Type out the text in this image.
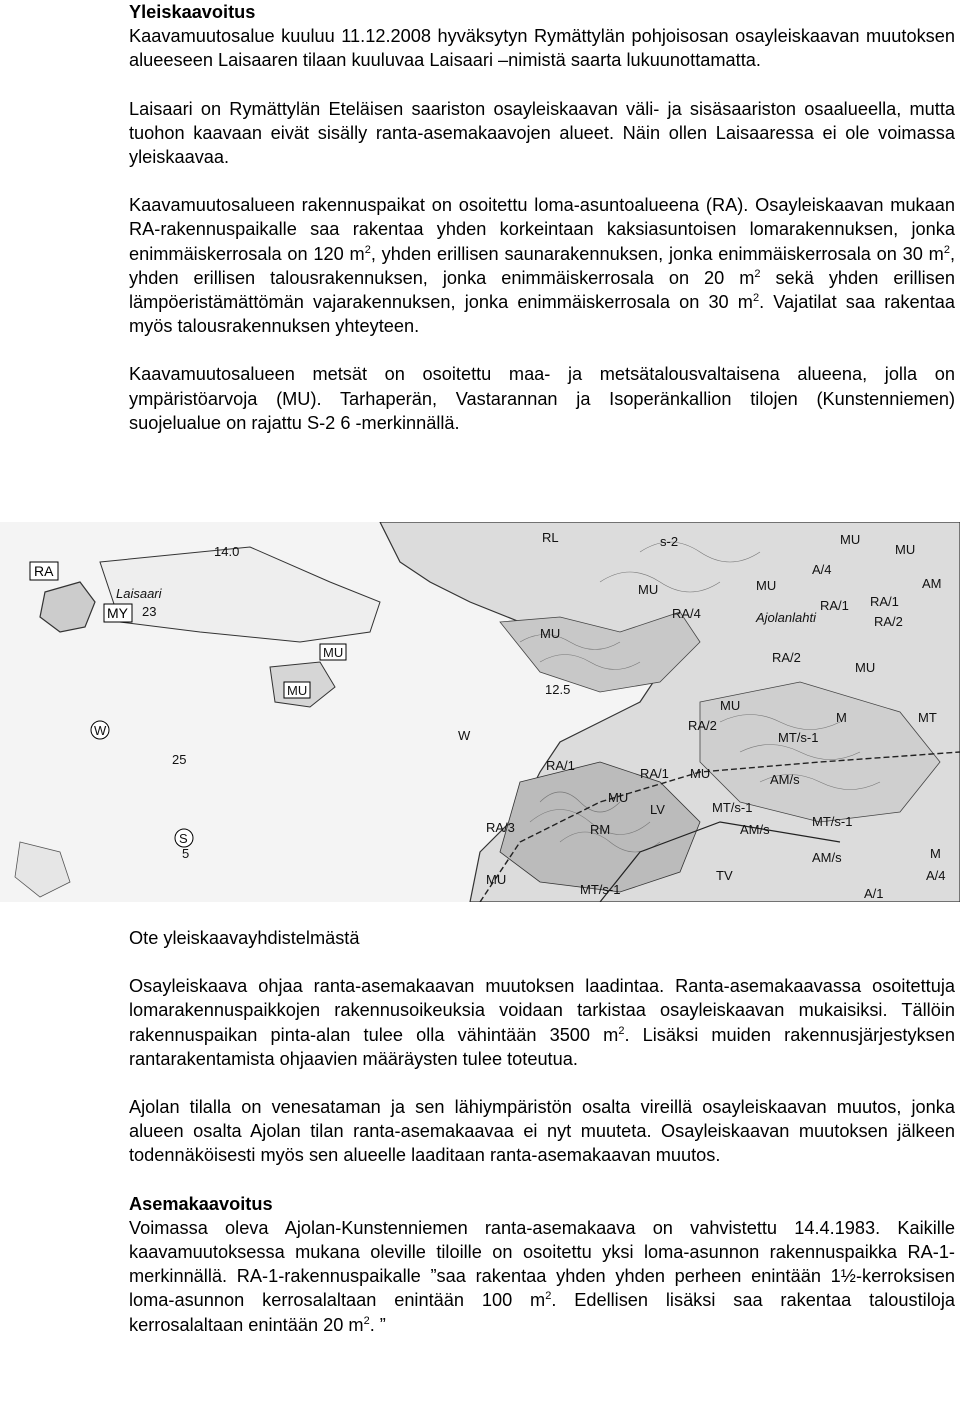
Yleiskaavoitus

Kaavamuutosalue kuuluu 11.12.2008 hyväksytyn Rymättylän pohjoisosan osayleiskaavan muutoksen alueeseen Laisaaren tilaan kuuluvaa Laisaari –nimistä saarta lukuunottamatta.

Laisaari on Rymättylän Eteläisen saariston osayleiskaavan väli- ja sisäsaariston osaalueella, mutta tuohon kaavaan eivät sisälly ranta-asemakaavojen alueet. Näin ollen Laisaaressa ei ole voimassa yleiskaavaa.

Kaavamuutosalueen rakennuspaikat on osoitettu loma-asuntoalueena (RA). Osayleiskaavan mukaan RA-rakennuspaikalle saa rakentaa yhden korkeintaan kaksiasuntoisen lomarakennuksen, jonka enimmäiskerrosala on 120 $m^2$, yhden erillisen saunarakennuksen, jonka enimmäiskerrosala on 30 $m^2$, yhden erillisen talousrakennuksen, jonka enimmäiskerrosala on 20 $m^2$ sekä yhden erillisen lämpöeristämättömän vajarakennuksen, jonka enimmäiskerrosala on 30 $m^2$. Vajatilat saa rakentaa myös talousrakennuksen yhteyteen.

Kaavamuutosalueen metsät on osoitettu maa- ja metsätalousvaltaisena alueena, jolla on ympäristöarvoja (MU). Tarhaperän, Vastarannan ja Isoperänkallion tilojen (Kunstenniemen) suojelualue on rajattu S-2 6 -merkinnällä.

RA
MY 23
Laisaari
14.0
MU
MU
W	W
25
12.5
S
5
RL	s-2
MU
MU
MU
MU
MU
MU
MU
MU
MU
MU
RA/4
A/4
RA/1 RA/1
RA/2
RA/2
RA/2
RA/1
RA/1
RA/3
MT/s-1
MT/s-1
MT/s-1
MT/s-1
AM/s
AM/s
AM/s
AM
RM
LV
TV
M
M
MT
A/1
A/4
Ajolanlahti

Ote yleiskaavayhdistelmästä

Osayleiskaava ohjaa ranta-asemakaavan muutoksen laadintaa. Ranta-asemakaavassa osoitettuja lomarakennuspaikkojen rakennusoikeuksia voidaan tarkistaa osayleiskaavan mukaisiksi. Tällöin rakennuspaikan pinta-alan tulee olla vähintään 3500 $m^2$. Lisäksi muiden rakennusjärjestyksen rantarakentamista ohjaavien määräysten tulee toteutua.

Ajolan tilalla on venesataman ja sen lähiympäristön osalta vireillä osayleiskaavan muutos, jonka alueen osalta Ajolan tilan ranta-asemakaavaa ei nyt muuteta. Osayleiskaavan muutoksen jälkeen todennäköisesti myös sen alueelle laaditaan ranta-asemakaavan muutos.

Asemakaavoitus

Voimassa oleva Ajolan-Kunstenniemen ranta-asemakaava on vahvistettu 14.4.1983. Kaikille kaavamuutoksessa mukana oleville tiloille on osoitettu yksi loma-asunnon rakennuspaikka RA-1-merkinnällä. RA-1-rakennuspaikalle ”saa rakentaa yhden yhden perheen enintään 1½-kerroksisen loma-asunnon kerrosalaltaan enintään 100 $m^2$. Edellisen lisäksi saa rakentaa taloustiloja kerrosalaltaan enintään 20 $m^2$. ”
